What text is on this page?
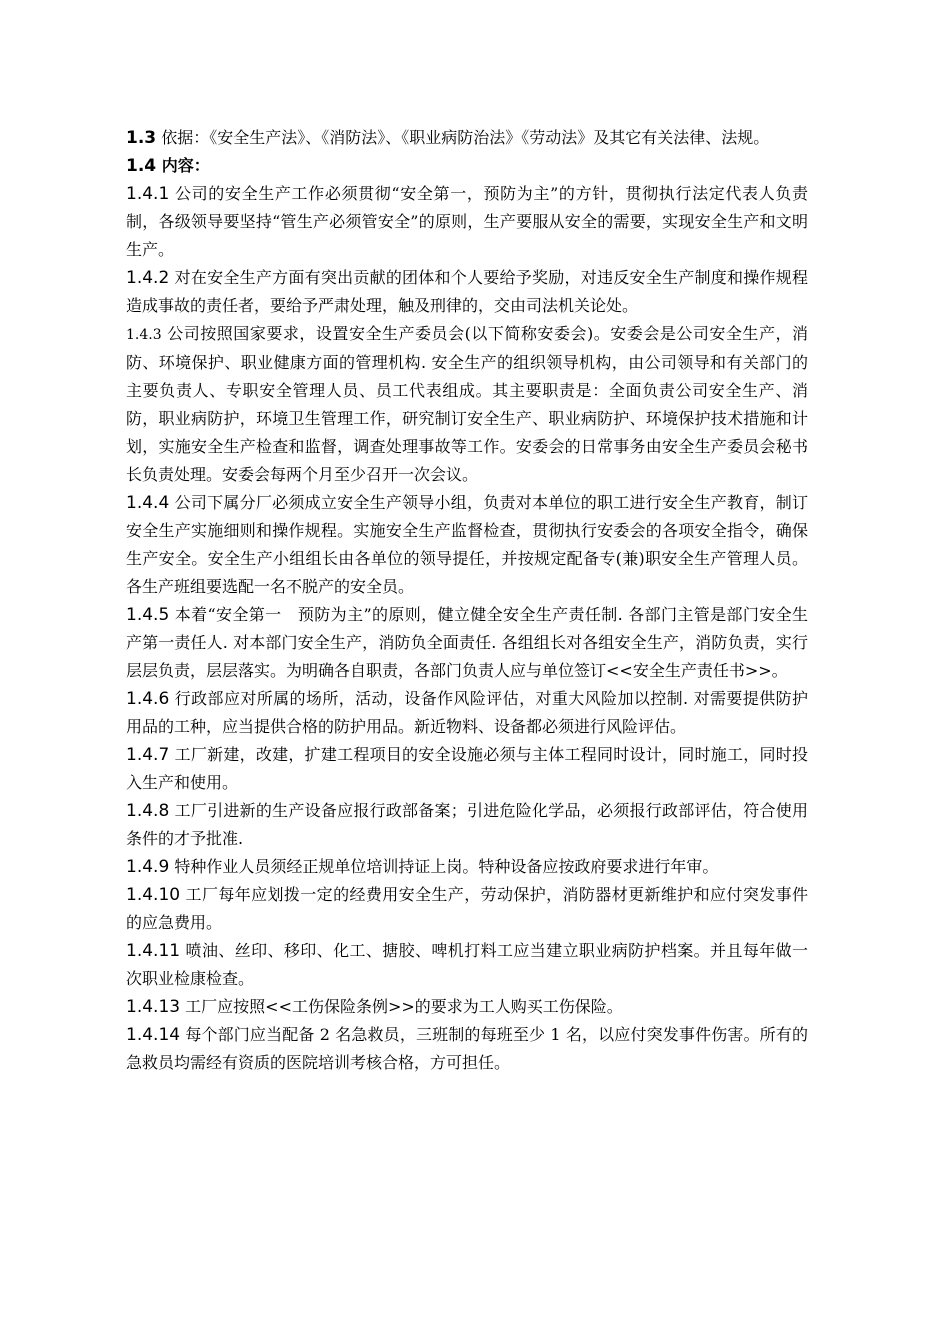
1.3 依据：《安全生产法》、《消防法》、《职业病防治法》《劳动法》及其它有关法律、法规。

1.4 内容：

1.4.1 公司的安全生产工作必须贯彻“安全第一，预防为主”的方针，贯彻执行法定代表人负责制，各级领导要坚持“管生产必须管安全”的原则，生产要服从安全的需要，实现安全生产和文明生产。

1.4.2 对在安全生产方面有突出贡献的团体和个人要给予奖励，对违反安全生产制度和操作规程造成事故的责任者，要给予严肃处理，触及刑律的，交由司法机关论处。

1.4.3 公司按照国家要求，设置安全生产委员会(以下简称安委会)。安委会是公司安全生产，消防、环境保护、职业健康方面的管理机构. 安全生产的组织领导机构，由公司领导和有关部门的主要负责人、专职安全管理人员、员工代表组成。其主要职责是：全面负责公司安全生产、消防，职业病防护，环境卫生管理工作，研究制订安全生产、职业病防护、环境保护技术措施和计划，实施安全生产检查和监督，调查处理事故等工作。安委会的日常事务由安全生产委员会秘书长负责处理。安委会每两个月至少召开一次会议。

1.4.4 公司下属分厂必须成立安全生产领导小组，负责对本单位的职工进行安全生产教育，制订安全生产实施细则和操作规程。实施安全生产监督检查，贯彻执行安委会的各项安全指令，确保生产安全。安全生产小组组长由各单位的领导提任，并按规定配备专(兼)职安全生产管理人员。各生产班组要选配一名不脱产的安全员。

1.4.5 本着“安全第一　预防为主”的原则，健立健全安全生产责任制. 各部门主管是部门安全生产第一责任人. 对本部门安全生产，消防负全面责任. 各组组长对各组安全生产，消防负责，实行层层负责，层层落实。为明确各自职责，各部门负责人应与单位签订<<安全生产责任书>>。

1.4.6 行政部应对所属的场所，活动，设备作风险评估，对重大风险加以控制. 对需要提供防护用品的工种，应当提供合格的防护用品。新近物料、设备都必须进行风险评估。

1.4.7 工厂新建，改建，扩建工程项目的安全设施必须与主体工程同时设计，同时施工，同时投入生产和使用。

1.4.8 工厂引进新的生产设备应报行政部备案；引进危险化学品，必须报行政部评估，符合使用条件的才予批准.

1.4.9 特种作业人员须经正规单位培训持证上岗。特种设备应按政府要求进行年审。

1.4.10 工厂每年应划拨一定的经费用安全生产，劳动保护，消防器材更新维护和应付突发事件的应急费用。

1.4.11 喷油、丝印、移印、化工、搪胶、啤机打料工应当建立职业病防护档案。并且每年做一次职业检康检查。

1.4.13 工厂应按照<<工伤保险条例>>的要求为工人购买工伤保险。

1.4.14 每个部门应当配备 2 名急救员，三班制的每班至少 1 名，以应付突发事件伤害。所有的急救员均需经有资质的医院培训考核合格，方可担任。
